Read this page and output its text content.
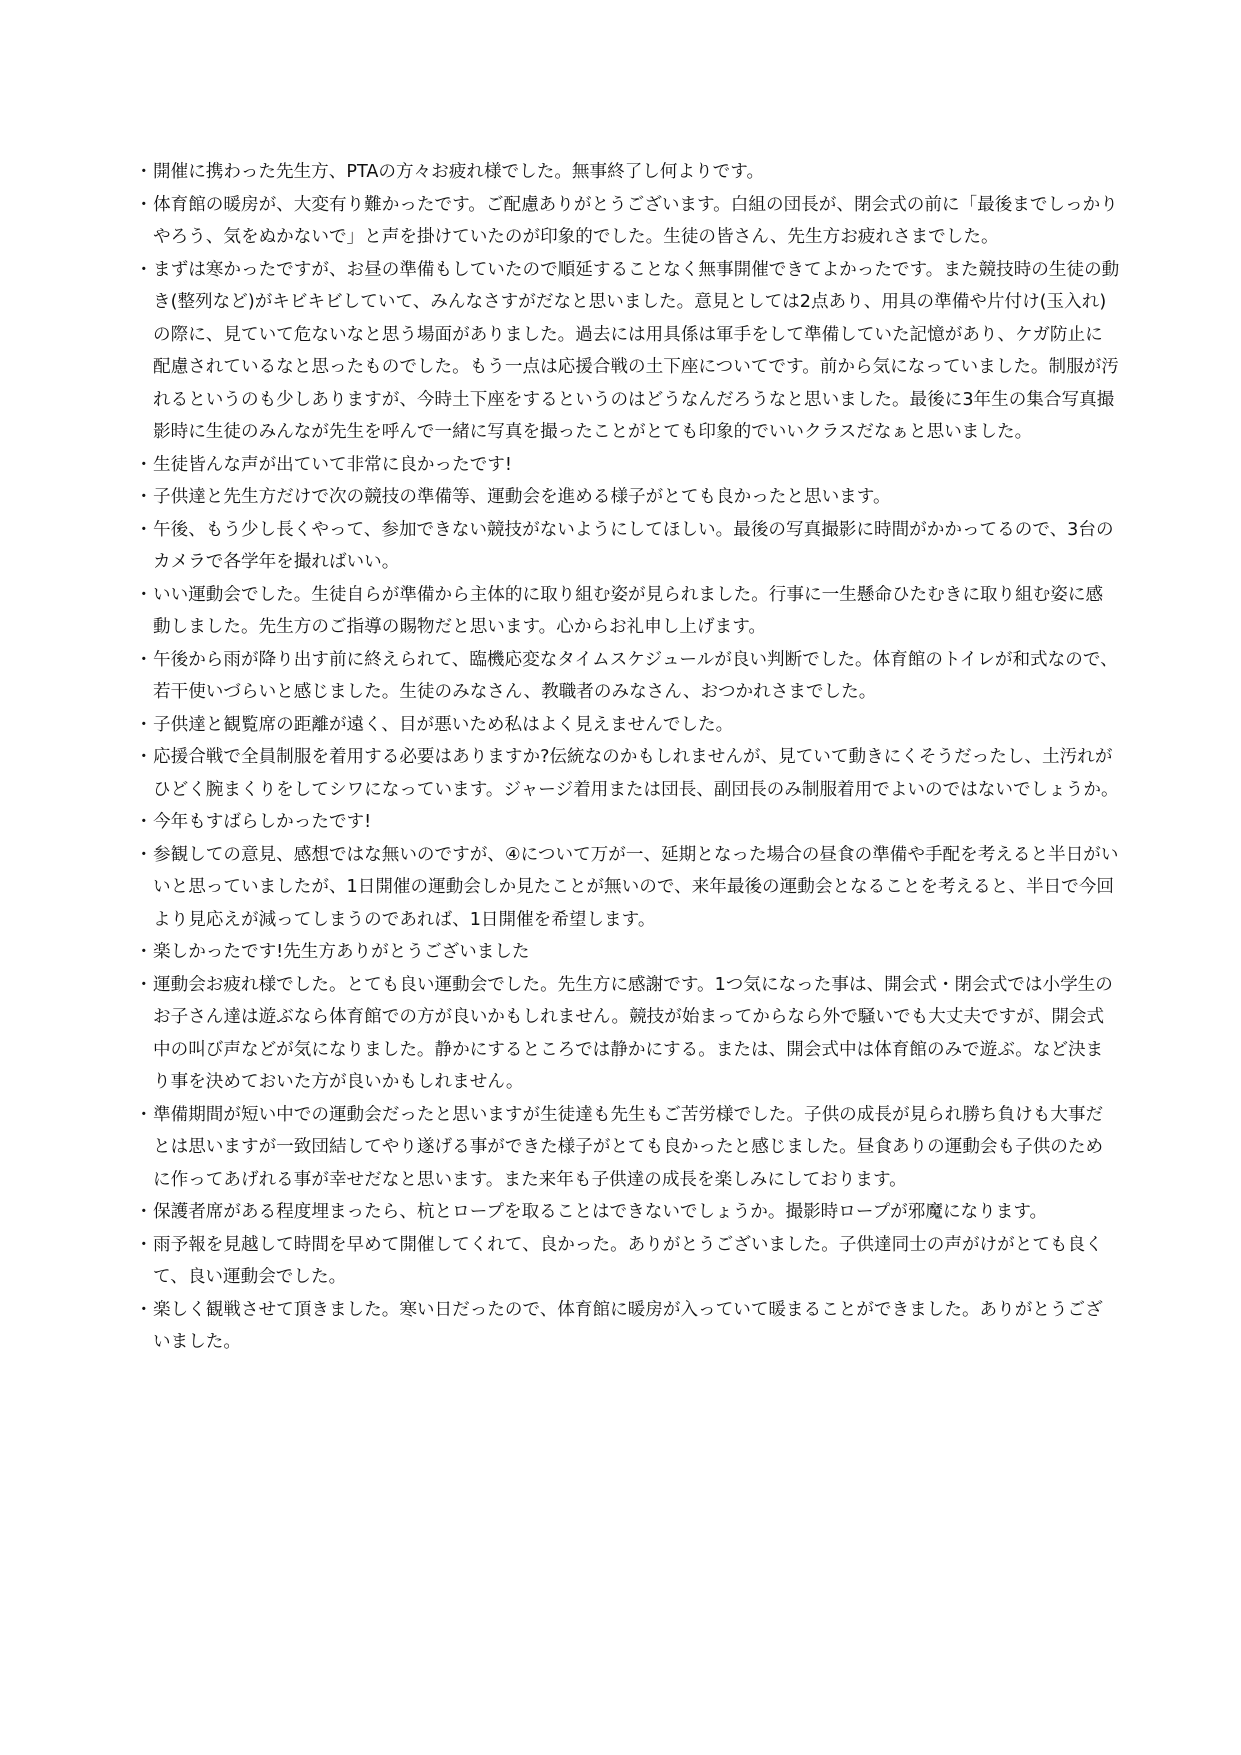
・ 開催に携わった先生方、PTAの方々お疲れ様でした。無事終了し何よりです。
・ 体育館の暖房が、大変有り難かったです。ご配慮ありがとうございます。白組の団長が、閉会式の前に「最後までしっかりやろう、気をぬかないで」と声を掛けていたのが印象的でした。生徒の皆さん、先生方お疲れさまでした。
・ まずは寒かったですが、お昼の準備もしていたので順延することなく無事開催できてよかったです。また競技時の生徒の動き(整列など)がキビキビしていて、みんなさすがだなと思いました。意見としては2点あり、用具の準備や片付け(玉入れ)の際に、見ていて危ないなと思う場面がありました。過去には用具係は軍手をして準備していた記憶があり、ケガ防止に配慮されているなと思ったものでした。もう一点は応援合戦の土下座についてです。前から気になっていました。制服が汚れるというのも少しありますが、今時土下座をするというのはどうなんだろうなと思いました。最後に3年生の集合写真撮影時に生徒のみんなが先生を呼んで一緒に写真を撮ったことがとても印象的でいいクラスだなぁと思いました。
・ 生徒皆んな声が出ていて非常に良かったです!
・ 子供達と先生方だけで次の競技の準備等、運動会を進める様子がとても良かったと思います。
・ 午後、もう少し長くやって、参加できない競技がないようにしてほしい。最後の写真撮影に時間がかかってるので、3台のカメラで各学年を撮ればいい。
・ いい運動会でした。生徒自らが準備から主体的に取り組む姿が見られました。行事に一生懸命ひたむきに取り組む姿に感動しました。先生方のご指導の賜物だと思います。心からお礼申し上げます。
・ 午後から雨が降り出す前に終えられて、臨機応変なタイムスケジュールが良い判断でした。体育館のトイレが和式なので、若干使いづらいと感じました。生徒のみなさん、教職者のみなさん、おつかれさまでした。
・ 子供達と観覧席の距離が遠く、目が悪いため私はよく見えませんでした。
・ 応援合戦で全員制服を着用する必要はありますか?伝統なのかもしれませんが、見ていて動きにくそうだったし、土汚れがひどく腕まくりをしてシワになっています。ジャージ着用または団長、副団長のみ制服着用でよいのではないでしょうか。
・ 今年もすばらしかったです!
・ 参観しての意見、感想ではな無いのですが、④について万が一、延期となった場合の昼食の準備や手配を考えると半日がいいと思っていましたが、1日開催の運動会しか見たことが無いので、来年最後の運動会となることを考えると、半日で今回より見応えが減ってしまうのであれば、1日開催を希望します。
・ 楽しかったです!先生方ありがとうございました
・ 運動会お疲れ様でした。とても良い運動会でした。先生方に感謝です。1つ気になった事は、開会式・閉会式では小学生のお子さん達は遊ぶなら体育館での方が良いかもしれません。競技が始まってからなら外で騒いでも大丈夫ですが、開会式中の叫び声などが気になりました。静かにするところでは静かにする。または、開会式中は体育館のみで遊ぶ。など決まり事を決めておいた方が良いかもしれません。
・ 準備期間が短い中での運動会だったと思いますが生徒達も先生もご苦労様でした。子供の成長が見られ勝ち負けも大事だとは思いますが一致団結してやり遂げる事ができた様子がとても良かったと感じました。昼食ありの運動会も子供のために作ってあげれる事が幸せだなと思います。また来年も子供達の成長を楽しみにしております。
・ 保護者席がある程度埋まったら、杭とロープを取ることはできないでしょうか。撮影時ロープが邪魔になります。
・ 雨予報を見越して時間を早めて開催してくれて、良かった。ありがとうございました。子供達同士の声がけがとても良くて、良い運動会でした。
・ 楽しく観戦させて頂きました。寒い日だったので、体育館に暖房が入っていて暖まることができました。ありがとうございました。
